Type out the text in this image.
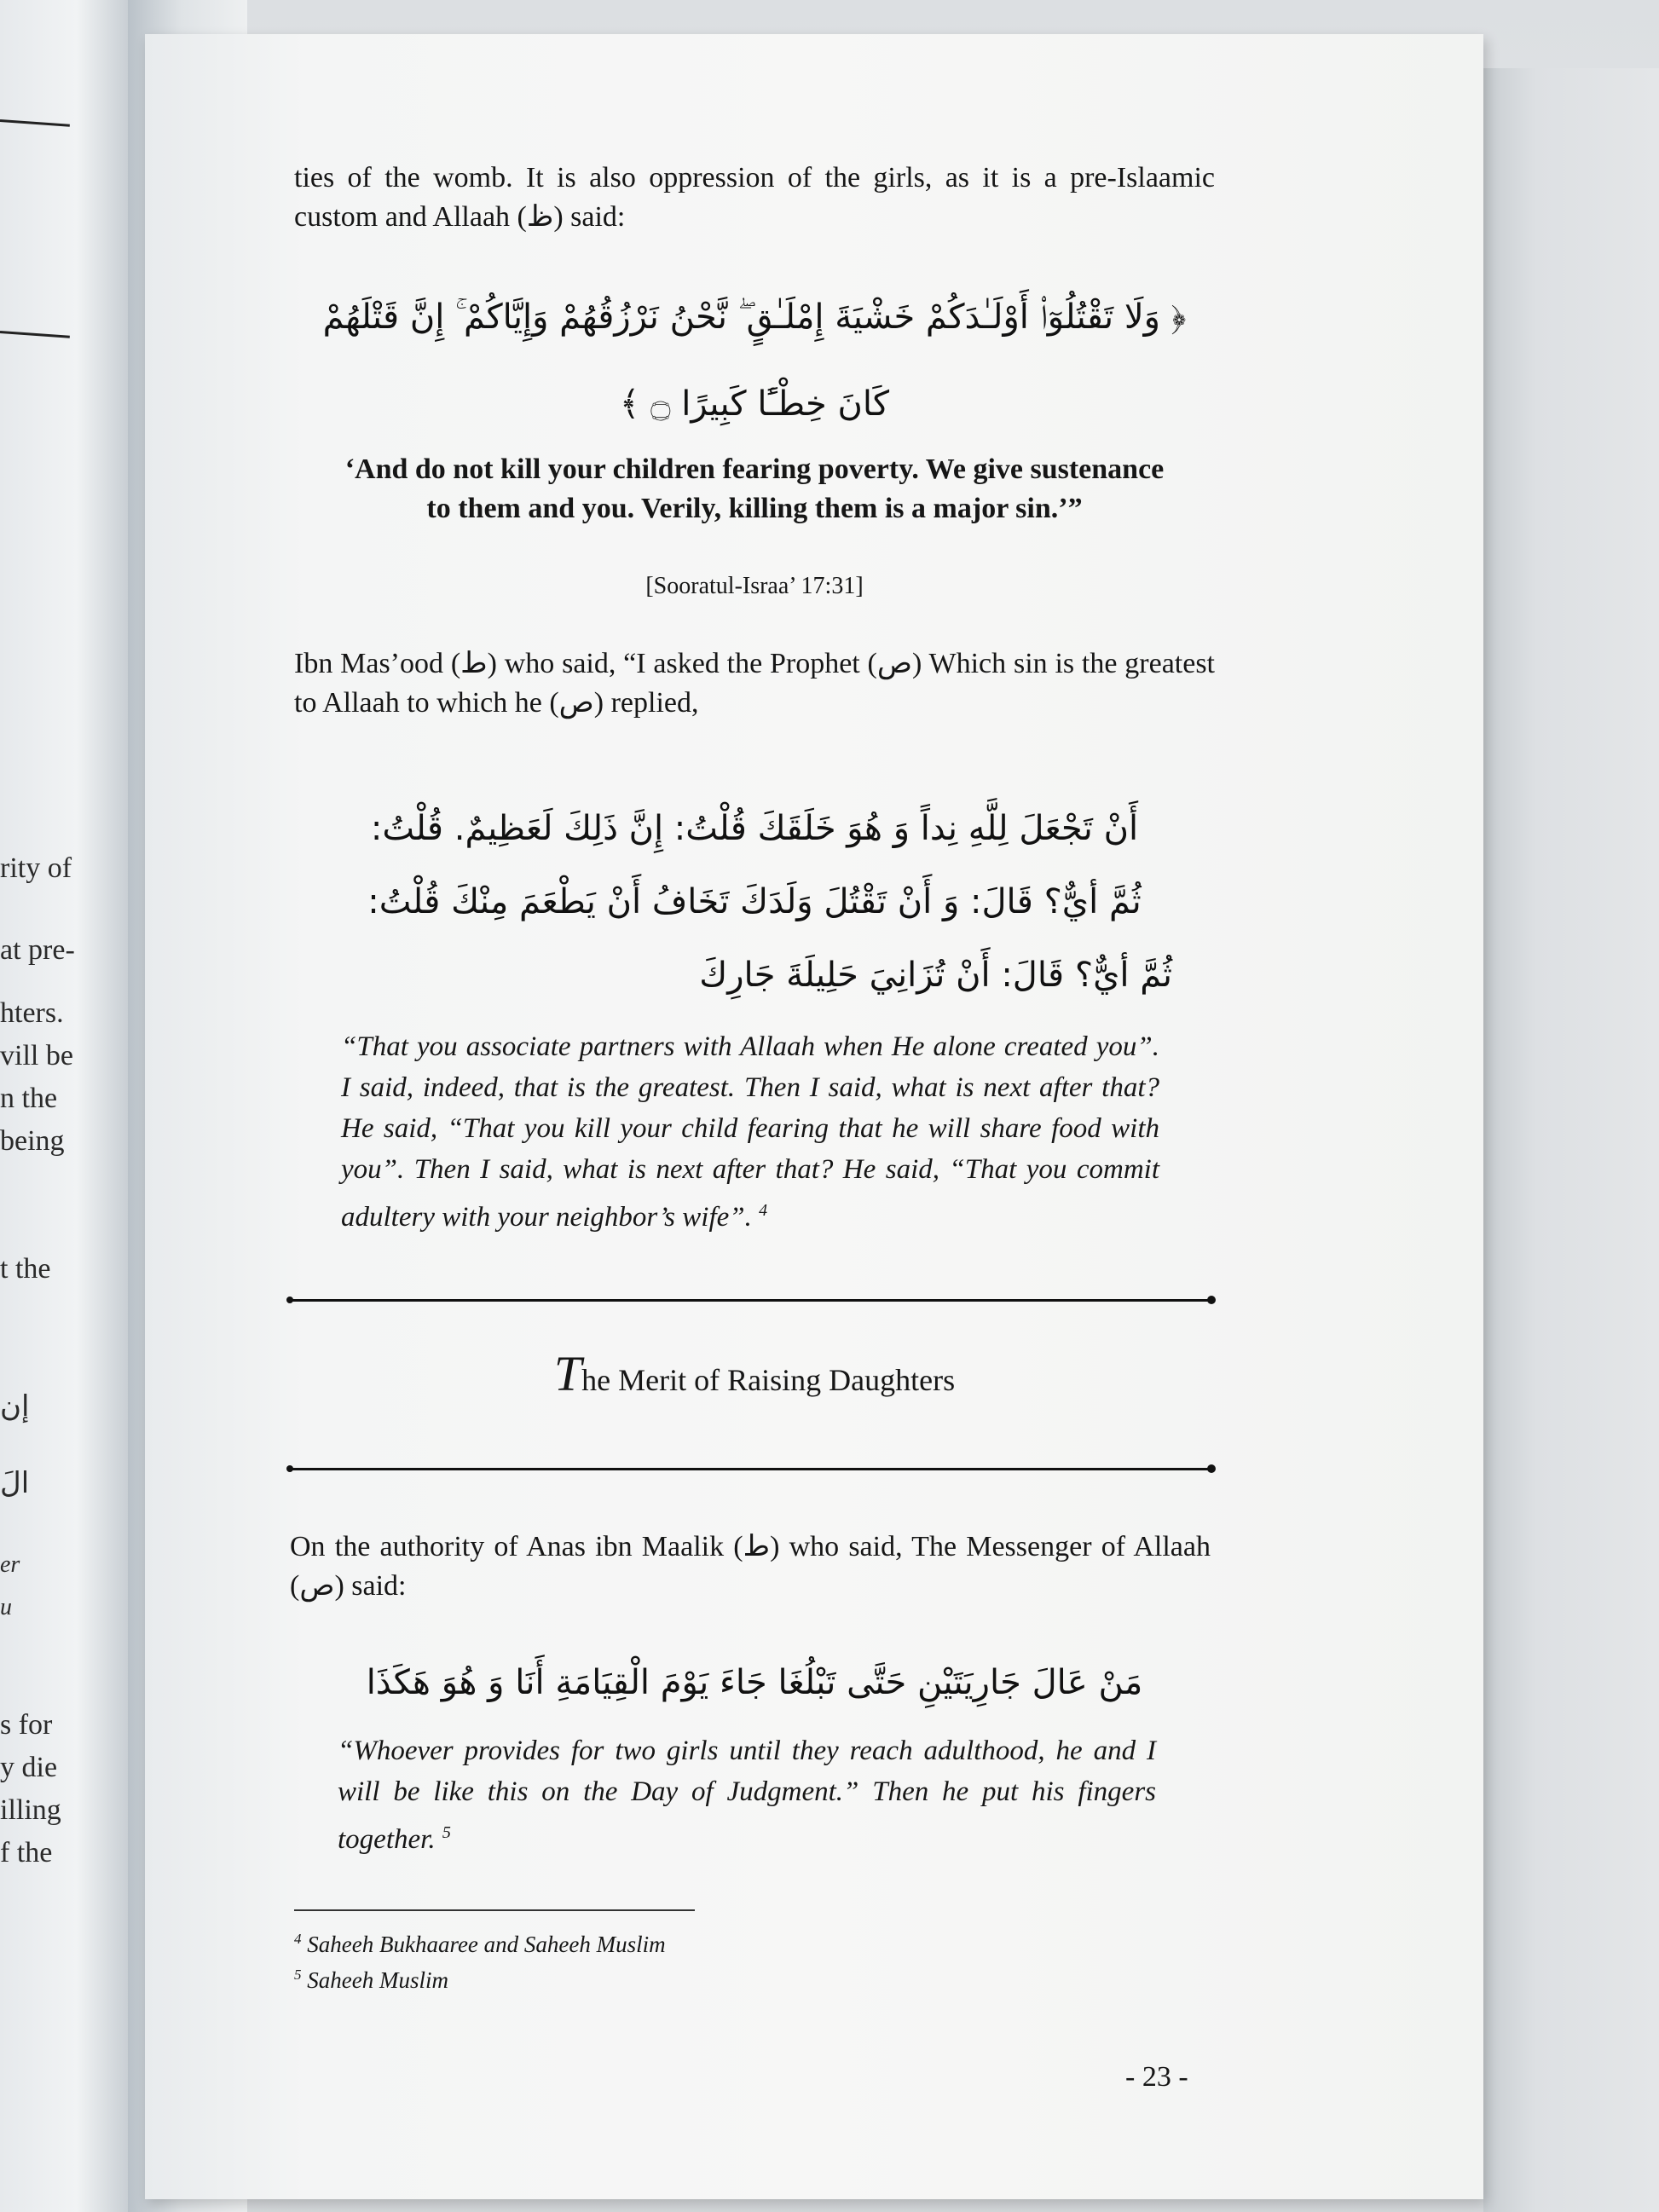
rity of
at pre-
hters.
vill be
n the
being
t the
إن
الَ
er
u
s for
y die
illing
f the
ties of the womb. It is also oppression of the girls, as it is a pre-Islaamic custom and Allaah (ظ) said:
﴿ وَلَا تَقْتُلُوٓا۟ أَوْلَـٰدَكُمْ خَشْيَةَ إِمْلَـٰقٍ ۖ نَّحْنُ نَرْزُقُهُمْ وَإِيَّاكُمْ ۚ إِنَّ قَتْلَهُمْ
كَانَ خِطْـًٔا كَبِيرًا ۝ ﴾
‘And do not kill your children fearing poverty. We give sustenance to them and you. Verily, killing them is a major sin.’”
[Sooratul-Israa’ 17:31]
Ibn Mas’ood (ط) who said, “I asked the Prophet (ص) Which sin is the greatest to Allaah to which he (ص) replied,
أَنْ تَجْعَلَ لِلَّهِ نِداً وَ هُوَ خَلَقَكَ قُلْتُ: إِنَّ ذَلِكَ لَعَظِيمٌ. قُلْتُ:
ثُمَّ أيٌّ؟ قَالَ: وَ أَنْ تَقْتُلَ وَلَدَكَ تَخَافُ أَنْ يَطْعَمَ مِنْكَ قُلْتُ:
ثُمَّ أيٌّ؟ قَالَ: أَنْ تُزَانِيَ حَلِيلَةَ جَارِكَ
“That you associate partners with Allaah when He alone created you”. I said, indeed, that is the greatest. Then I said, what is next after that? He said, “That you kill your child fearing that he will share food with you”. Then I said, what is next after that? He said, “That you commit adultery with your neighbor’s wife”. $^4$
The Merit of Raising Daughters
On the authority of Anas ibn Maalik (ط) who said, The Messenger of Allaah (ص) said:
مَنْ عَالَ جَارِيَتَيْنِ حَتَّى تَبْلُغَا جَاءَ يَوْمَ الْقِيَامَةِ أَنَا وَ هُوَ هَكَذَا
“Whoever provides for two girls until they reach adulthood, he and I will be like this on the Day of Judgment.” Then he put his fingers together. $^5$
$^4$ Saheeh Bukhaaree and Saheeh Muslim
$^5$ Saheeh Muslim
- 23 -
